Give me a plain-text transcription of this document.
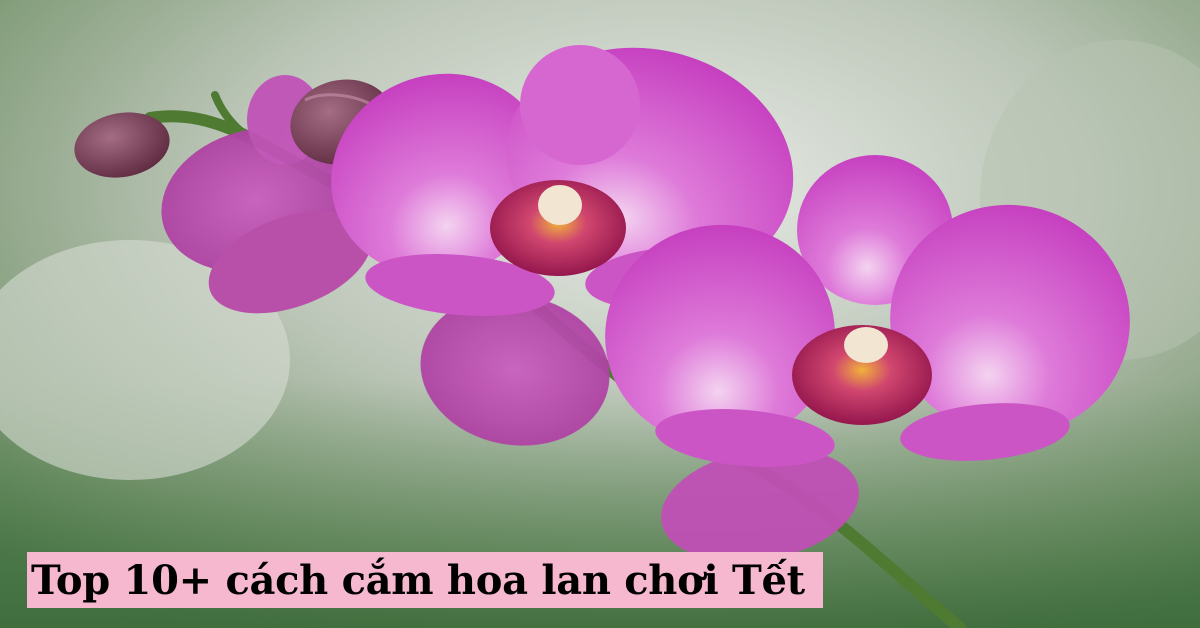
Top 10+ cách cắm hoa lan chơi Tết
